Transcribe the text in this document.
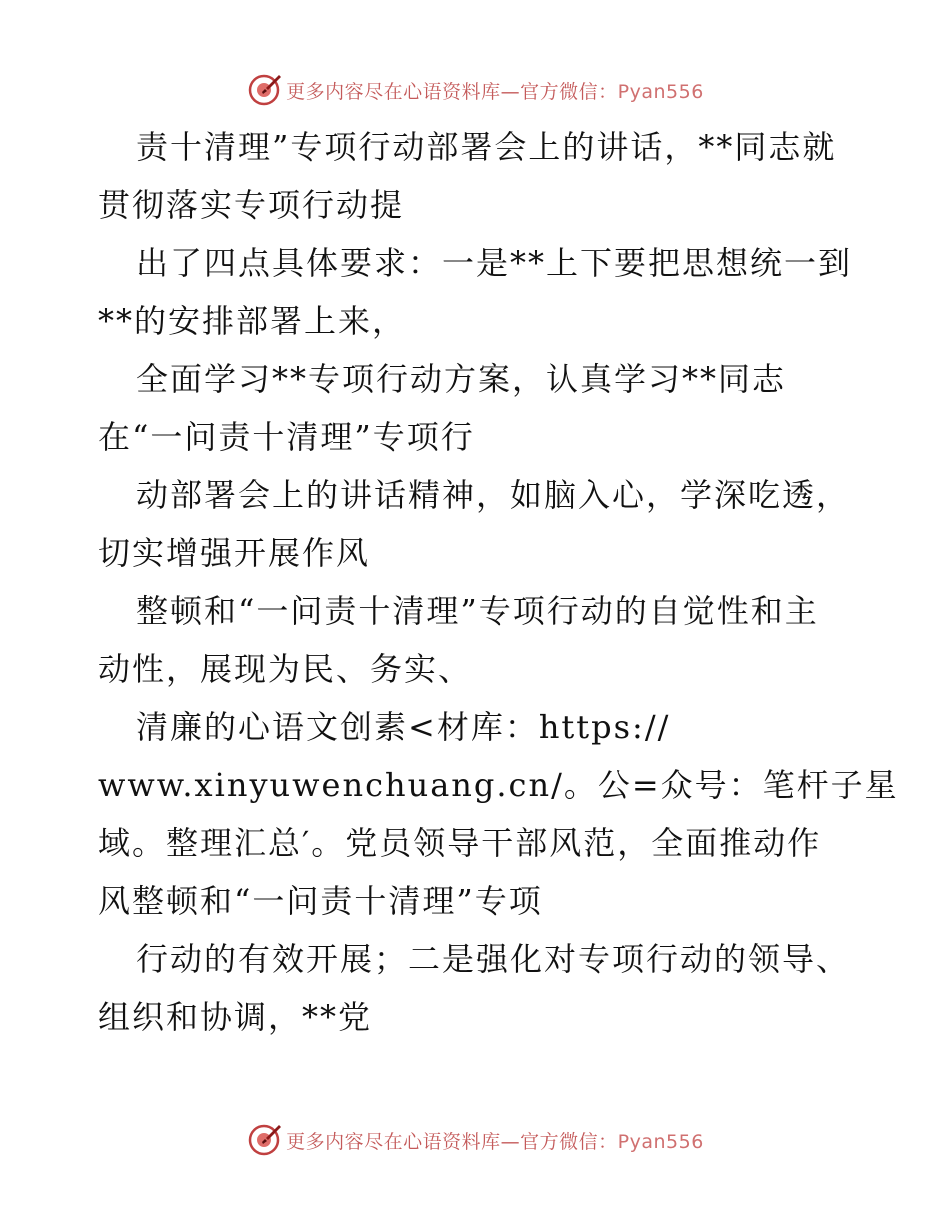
更多内容尽在心语资料库—官方微信：Pyan556
责十清理”专项行动部署会上的讲话，**同志就
贯彻落实专项行动提
出了四点具体要求：一是**上下要把思想统一到
**的安排部署上来，
全面学习**专项行动方案，认真学习**同志
在“一问责十清理”专项行
动部署会上的讲话精神，如脑入心，学深吃透，
切实增强开展作风
整顿和“一问责十清理”专项行动的自觉性和主
动性，展现为民、务实、
清廉的心语文创素<材库：https://
www.xinyuwenchuang.cn/。公=众号：笔杆子星
域。整理汇总′。党员领导干部风范，全面推动作
风整顿和“一问责十清理”专项
行动的有效开展；二是强化对专项行动的领导、
组织和协调，**党
更多内容尽在心语资料库—官方微信：Pyan556
